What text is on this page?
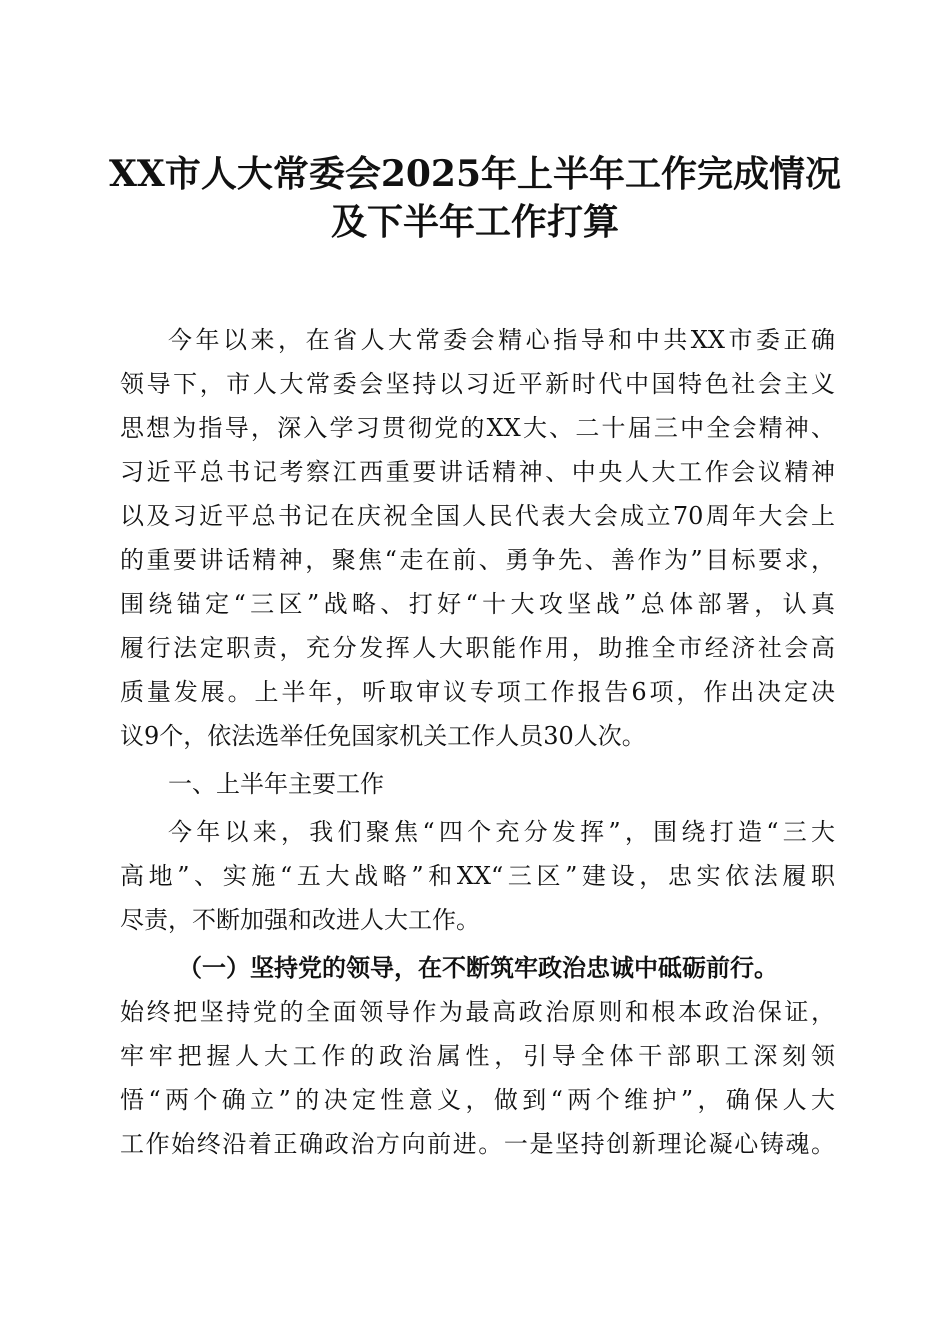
XX市人大常委会2025年上半年工作完成情况
及下半年工作打算
今年以来，在省人大常委会精心指导和中共XX市委正确
领导下，市人大常委会坚持以习近平新时代中国特色社会主义
思想为指导，深入学习贯彻党的XX大、二十届三中全会精神、
习近平总书记考察江西重要讲话精神、中央人大工作会议精神
以及习近平总书记在庆祝全国人民代表大会成立70周年大会上
的重要讲话精神，聚焦“走在前、勇争先、善作为”目标要求，
围绕锚定“三区”战略、打好“十大攻坚战”总体部署，认真
履行法定职责，充分发挥人大职能作用，助推全市经济社会高
质量发展。上半年，听取审议专项工作报告6项，作出决定决
议9个，依法选举任免国家机关工作人员30人次。
一、上半年主要工作
今年以来，我们聚焦“四个充分发挥”，围绕打造“三大
高地”、实施“五大战略”和XX“三区”建设，忠实依法履职
尽责，不断加强和改进人大工作。
（一）坚持党的领导，在不断筑牢政治忠诚中砥砺前行。
始终把坚持党的全面领导作为最高政治原则和根本政治保证，
牢牢把握人大工作的政治属性，引导全体干部职工深刻领
悟“两个确立”的决定性意义，做到“两个维护”，确保人大
工作始终沿着正确政治方向前进。一是坚持创新理论凝心铸魂。
